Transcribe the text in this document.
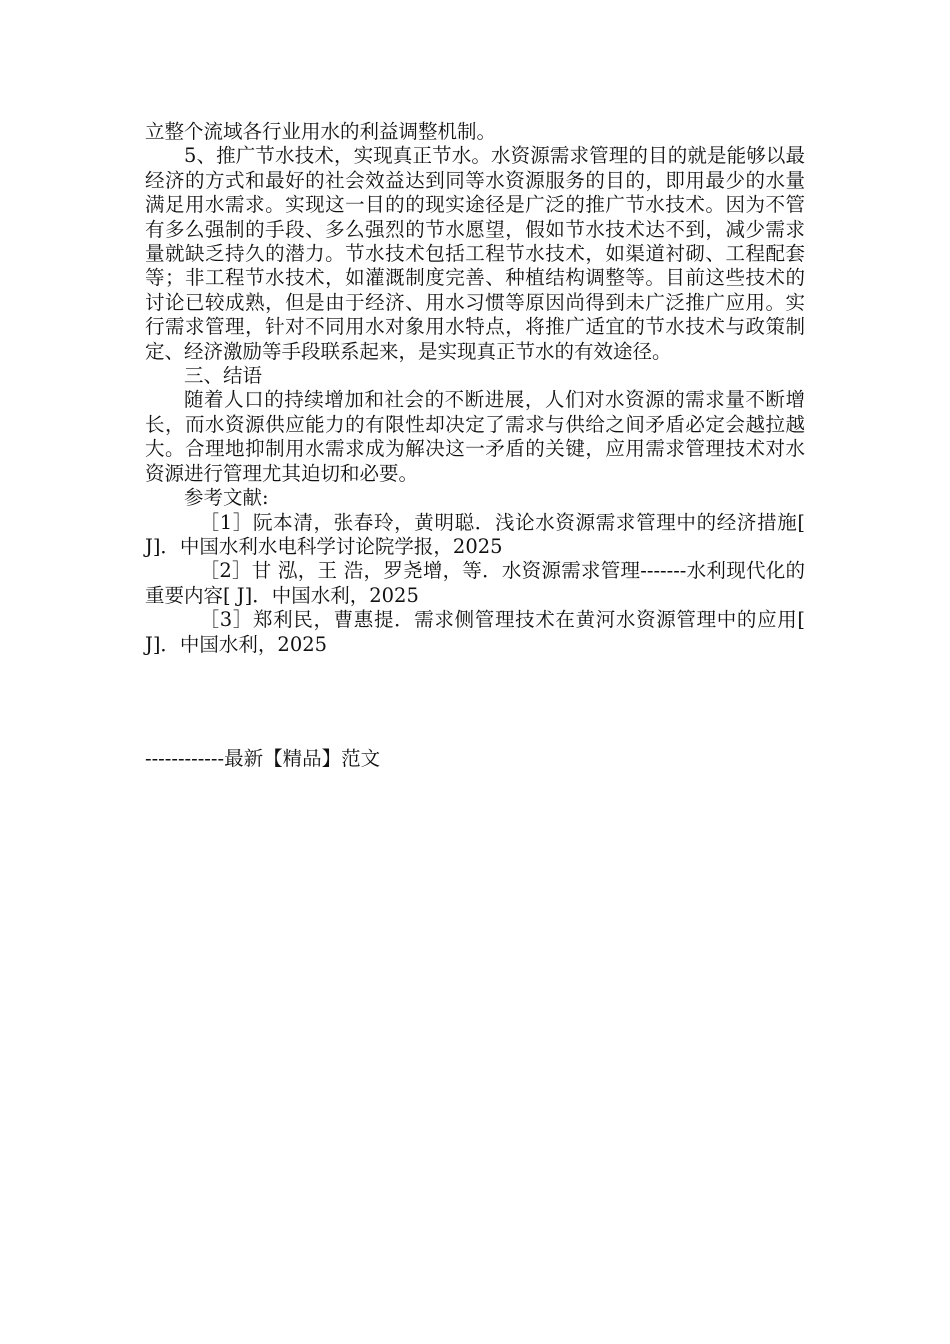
立整个流域各行业用水的利益调整机制。

5、推广节水技术，实现真正节水。水资源需求管理的目的就是能够以最经济的方式和最好的社会效益达到同等水资源服务的目的，即用最少的水量满足用水需求。实现这一目的的现实途径是广泛的推广节水技术。因为不管有多么强制的手段、多么强烈的节水愿望，假如节水技术达不到，减少需求量就缺乏持久的潜力。节水技术包括工程节水技术，如渠道衬砌、工程配套等；非工程节水技术，如灌溉制度完善、种植结构调整等。目前这些技术的讨论已较成熟，但是由于经济、用水习惯等原因尚得到未广泛推广应用。实行需求管理，针对不同用水对象用水特点，将推广适宜的节水技术与政策制定、经济激励等手段联系起来，是实现真正节水的有效途径。

三、结语

随着人口的持续增加和社会的不断进展，人们对水资源的需求量不断增长，而水资源供应能力的有限性却决定了需求与供给之间矛盾必定会越拉越大。合理地抑制用水需求成为解决这一矛盾的关键，应用需求管理技术对水资源进行管理尤其迫切和必要。

参考文献:

［1］阮本清，张春玲，黄明聪．浅论水资源需求管理中的经济措施[ J]．中国水利水电科学讨论院学报，2025

［2］甘 泓，王 浩，罗尧增，等．水资源需求管理-------水利现代化的重要内容[ J]．中国水利，2025

［3］郑利民，曹惠提．需求侧管理技术在黄河水资源管理中的应用[ J]．中国水利，2025

------------最新【精品】范文
